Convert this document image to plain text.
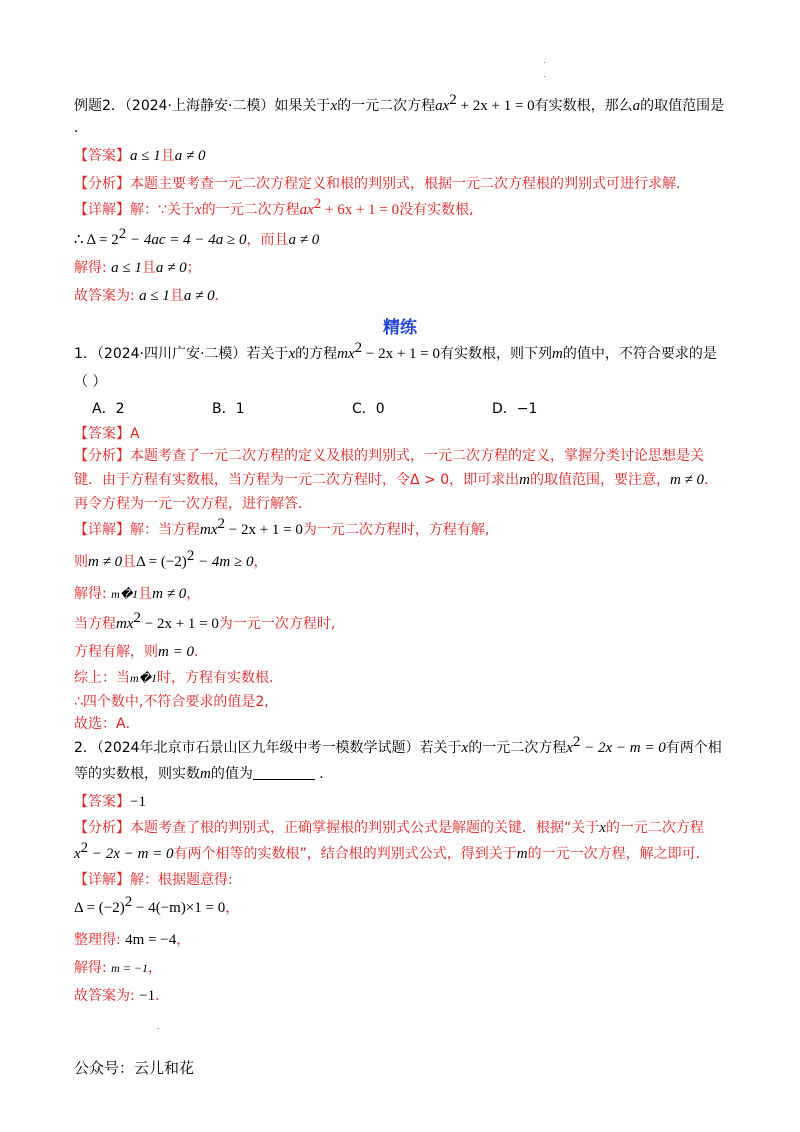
.
.
例题2．（2024·上海静安·二模）如果关于x的一元二次方程$ax^2 + 2x + 1 = 0$有实数根，那么a的取值范围是
．
【答案】a ≤ 1且a ≠ 0
【分析】本题主要考查一元二次方程定义和根的判别式，根据一元二次方程根的判别式可进行求解．
【详解】解：∵关于x的一元二次方程$ax^2 + 6x + 1 = 0$没有实数根,
∴ $\Delta = 2^2 - 4ac = 4 - 4a \ge 0$，而且a ≠ 0
解得: a ≤ 1且a ≠ 0；
故答案为: a ≤ 1且a ≠ 0．
精练
1．（2024·四川广安·二模）若关于x的方程$mx^2 - 2x + 1 = 0$有实数根，则下列m的值中，不符合要求的是
（ ）
A．2	B．1	C．0	D．−1
【答案】A
【分析】本题考查了一元二次方程的定义及根的判别式，一元二次方程的定义，掌握分类讨论思想是关
键．由于方程有实数根，当方程为一元二次方程时，令Δ > 0，即可求出m的取值范围，要注意，m ≠ 0．
再令方程为一元一次方程，进行解答．
【详解】解：当方程$mx^2 - 2x + 1 = 0$为一元二次方程时，方程有解,
则m ≠ 0且$\Delta = (-2)^2 - 4m \ge 0$，
解得: m�1且m ≠ 0，
当方程$mx^2 - 2x + 1 = 0$为一元一次方程时,
方程有解，则m = 0．
综上：当m�1时，方程有实数根．
∴四个数中,不符合要求的值是2,
故选：A．
2．（2024年北京市石景山区九年级中考一模数学试题）若关于x的一元二次方程$x^2 - 2x - m = 0$有两个相
等的实数根，则实数m的值为	．
【答案】−1
【分析】本题考查了根的判别式，正确掌握根的判别式公式是解题的关键．根据“关于x的一元二次方程
$x^2 - 2x - m = 0$有两个相等的实数根”，结合根的判别式公式，得到关于m的一元一次方程，解之即可．
【详解】解：根据题意得:
$\Delta = (-2)^2 - 4(-m)\times 1 = 0$，
整理得: 4m = −4，
解得: m = −1，
故答案为: −1．
.
公众号：云儿和花
